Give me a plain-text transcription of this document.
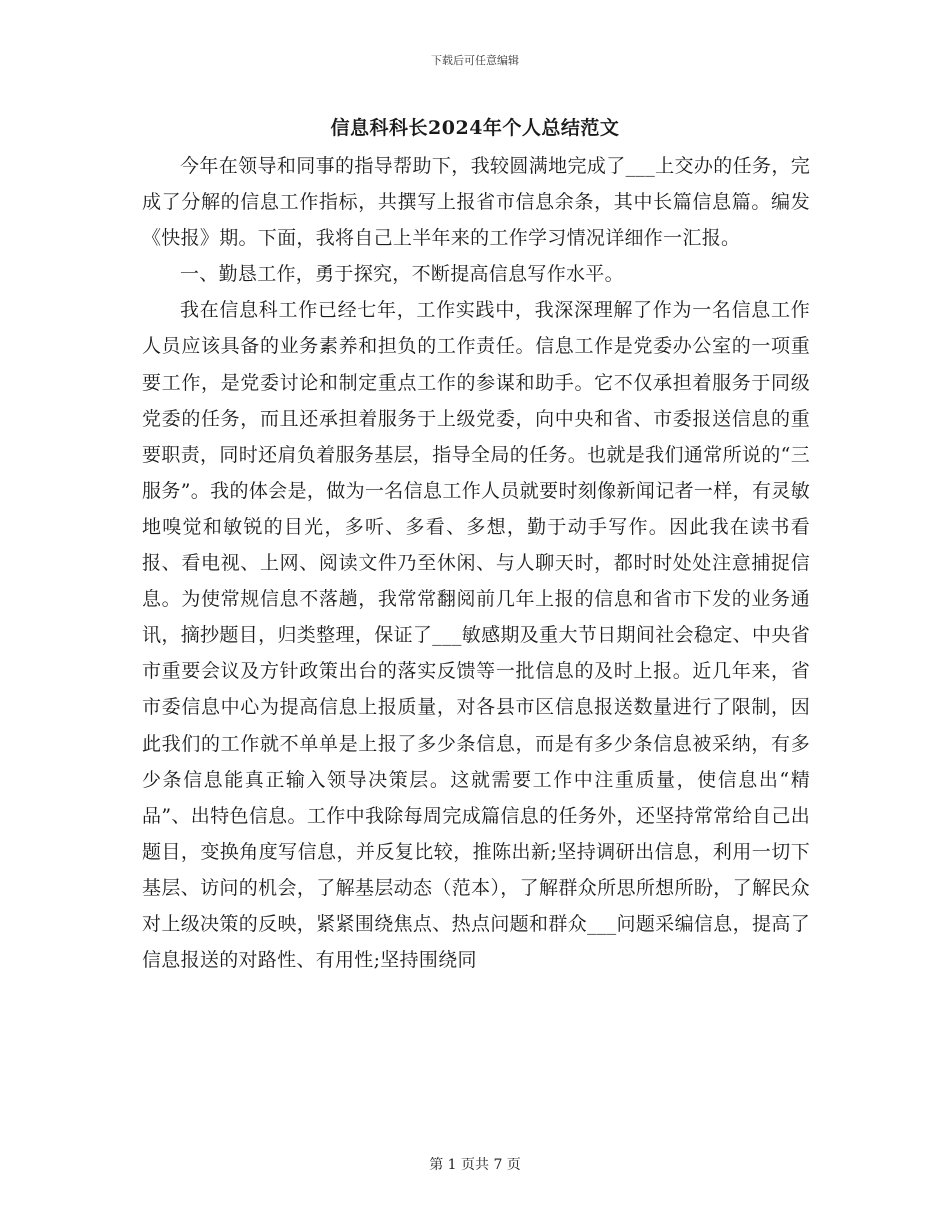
下载后可任意编辑
信息科科长2024年个人总结范文

今年在领导和同事的指导帮助下，我较圆满地完成了___上交办的任务，完成了分解的信息工作指标，共撰写上报省市信息余条，其中长篇信息篇。编发《快报》期。下面，我将自己上半年来的工作学习情况详细作一汇报。

一、勤恳工作，勇于探究，不断提高信息写作水平。

我在信息科工作已经七年，工作实践中，我深深理解了作为一名信息工作人员应该具备的业务素养和担负的工作责任。信息工作是党委办公室的一项重要工作，是党委讨论和制定重点工作的参谋和助手。它不仅承担着服务于同级党委的任务，而且还承担着服务于上级党委，向中央和省、市委报送信息的重要职责，同时还肩负着服务基层，指导全局的任务。也就是我们通常所说的“三服务”。我的体会是，做为一名信息工作人员就要时刻像新闻记者一样，有灵敏地嗅觉和敏锐的目光，多听、多看、多想，勤于动手写作。因此我在读书看报、看电视、上网、阅读文件乃至休闲、与人聊天时，都时时处处注意捕捉信息。为使常规信息不落趟，我常常翻阅前几年上报的信息和省市下发的业务通讯，摘抄题目，归类整理，保证了___敏感期及重大节日期间社会稳定、中央省市重要会议及方针政策出台的落实反馈等一批信息的及时上报。近几年来，省市委信息中心为提高信息上报质量，对各县市区信息报送数量进行了限制，因此我们的工作就不单单是上报了多少条信息，而是有多少条信息被采纳，有多少条信息能真正输入领导决策层。这就需要工作中注重质量，使信息出“精品”、出特色信息。工作中我除每周完成篇信息的任务外，还坚持常常给自己出题目，变换角度写信息，并反复比较，推陈出新;坚持调研出信息，利用一切下基层、访问的机会，了解基层动态（范本），了解群众所思所想所盼，了解民众对上级决策的反映，紧紧围绕焦点、热点问题和群众___问题采编信息，提高了信息报送的对路性、有用性;坚持围绕同

第 1 页共 7 页
